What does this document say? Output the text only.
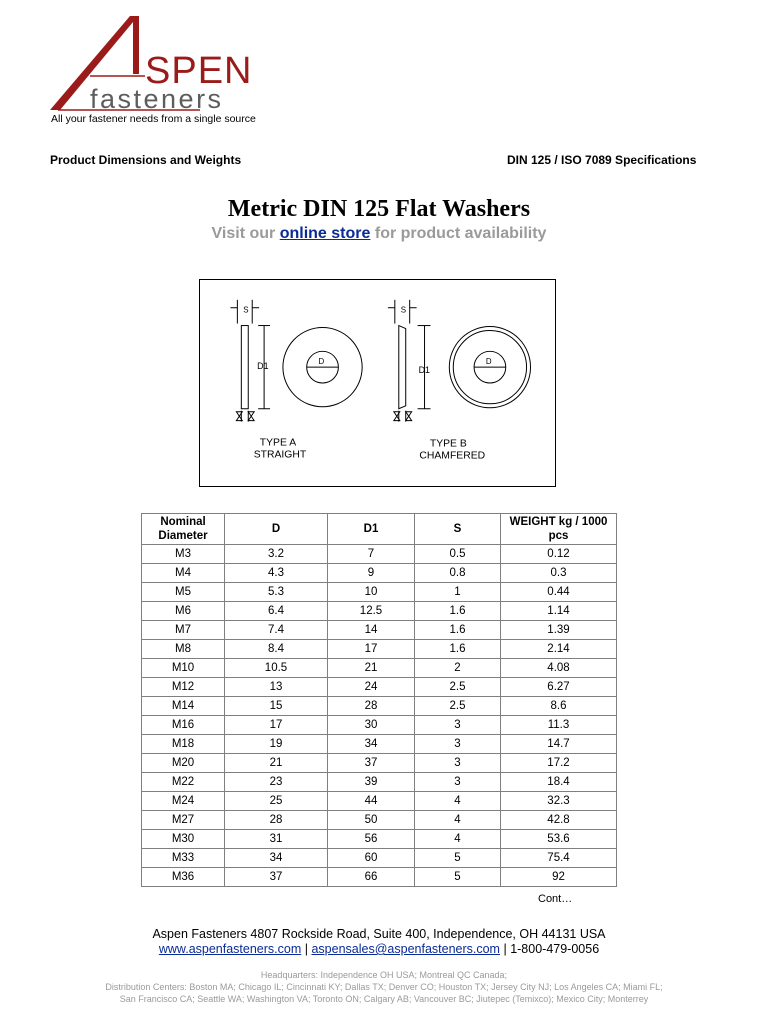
SPEN
fasteners
All your fastener needs from a single source
Product Dimensions and Weights	DIN 125 / ISO 7089 Specifications
Metric DIN 125 Flat Washers
Visit our online store for product availability
S	S
D1	D1
D	D
TYPE A
STRAIGHT
TYPE B
CHAMFERED
Nominal Diameter	D	D1	S	WEIGHT kg / 1000 pcs
M3	3.2	7	0.5	0.12
M4	4.3	9	0.8	0.3
M5	5.3	10	1	0.44
M6	6.4	12.5	1.6	1.14
M7	7.4	14	1.6	1.39
M8	8.4	17	1.6	2.14
M10	10.5	21	2	4.08
M12	13	24	2.5	6.27
M14	15	28	2.5	8.6
M16	17	30	3	11.3
M18	19	34	3	14.7
M20	21	37	3	17.2
M22	23	39	3	18.4
M24	25	44	4	32.3
M27	28	50	4	42.8
M30	31	56	4	53.6
M33	34	60	5	75.4
M36	37	66	5	92
Cont…
Aspen Fasteners 4807 Rockside Road, Suite 400, Independence, OH 44131 USA
www.aspenfasteners.com | aspensales@aspenfasteners.com | 1-800-479-0056
Headquarters: Independence OH USA; Montreal QC Canada;
Distribution Centers: Boston MA; Chicago IL; Cincinnati KY; Dallas TX; Denver CO; Houston TX; Jersey City NJ; Los Angeles CA; Miami FL;
San Francisco CA; Seattle WA; Washington VA; Toronto ON; Calgary AB; Vancouver BC; Jiutepec (Temixco); Mexico City; Monterrey
